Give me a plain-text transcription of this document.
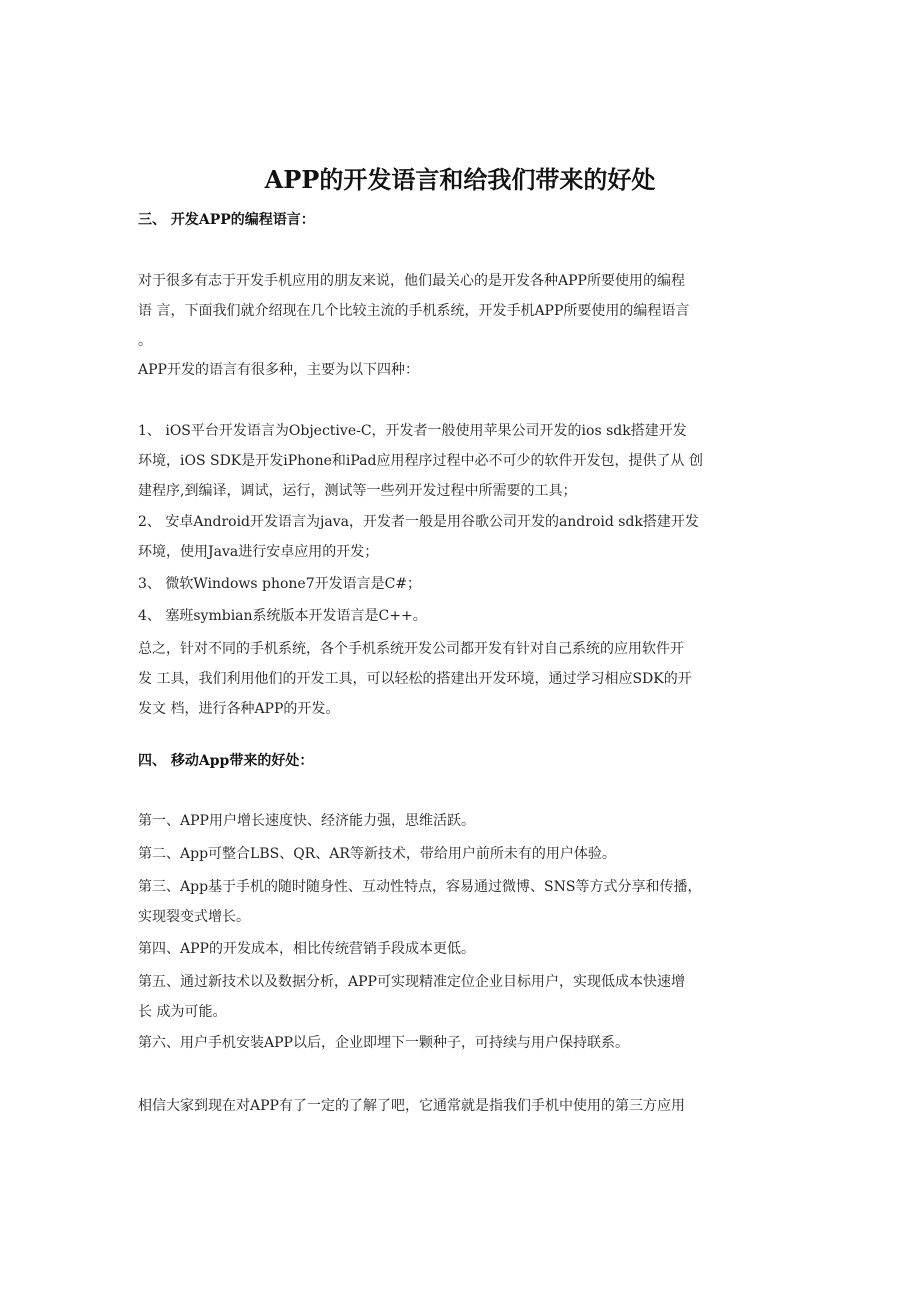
APP的开发语言和给我们带来的好处
三、 开发APP的编程语言：
对于很多有志于开发手机应用的朋友来说，他们最关心的是开发各种APP所要使用的编程
语 言，下面我们就介绍现在几个比较主流的手机系统，开发手机APP所要使用的编程语言
。
APP开发的语言有很多种，主要为以下四种：
1、 iOS平台开发语言为Objective-C，开发者一般使用苹果公司开发的ios sdk搭建开发
环境，iOS SDK是开发iPhone和iPad应用程序过程中必不可少的软件开发包，提供了从 创
建程序,到编译，调试，运行，测试等一些列开发过程中所需要的工具；
2、 安卓Android开发语言为java，开发者一般是用谷歌公司开发的android sdk搭建开发
环境，使用Java进行安卓应用的开发；
3、 微软Windows phone7开发语言是C#；
4、 塞班symbian系统版本开发语言是C++。
总之，针对不同的手机系统，各个手机系统开发公司都开发有针对自己系统的应用软件开
发 工具，我们利用他们的开发工具，可以轻松的搭建出开发环境，通过学习相应SDK的开
发文 档，进行各种APP的开发。
四、 移动App带来的好处：
第一、APP用户增长速度快、经济能力强，思维活跃。
第二、App可整合LBS、QR、AR等新技术，带给用户前所未有的用户体验。
第三、App基于手机的随时随身性、互动性特点，容易通过微博、SNS等方式分享和传播，
实现裂变式增长。
第四、APP的开发成本，相比传统营销手段成本更低。
第五、通过新技术以及数据分析，APP可实现精准定位企业目标用户，实现低成本快速增
长 成为可能。
第六、用户手机安装APP以后，企业即埋下一颗种子，可持续与用户保持联系。
相信大家到现在对APP有了一定的了解了吧，它通常就是指我们手机中使用的第三方应用
